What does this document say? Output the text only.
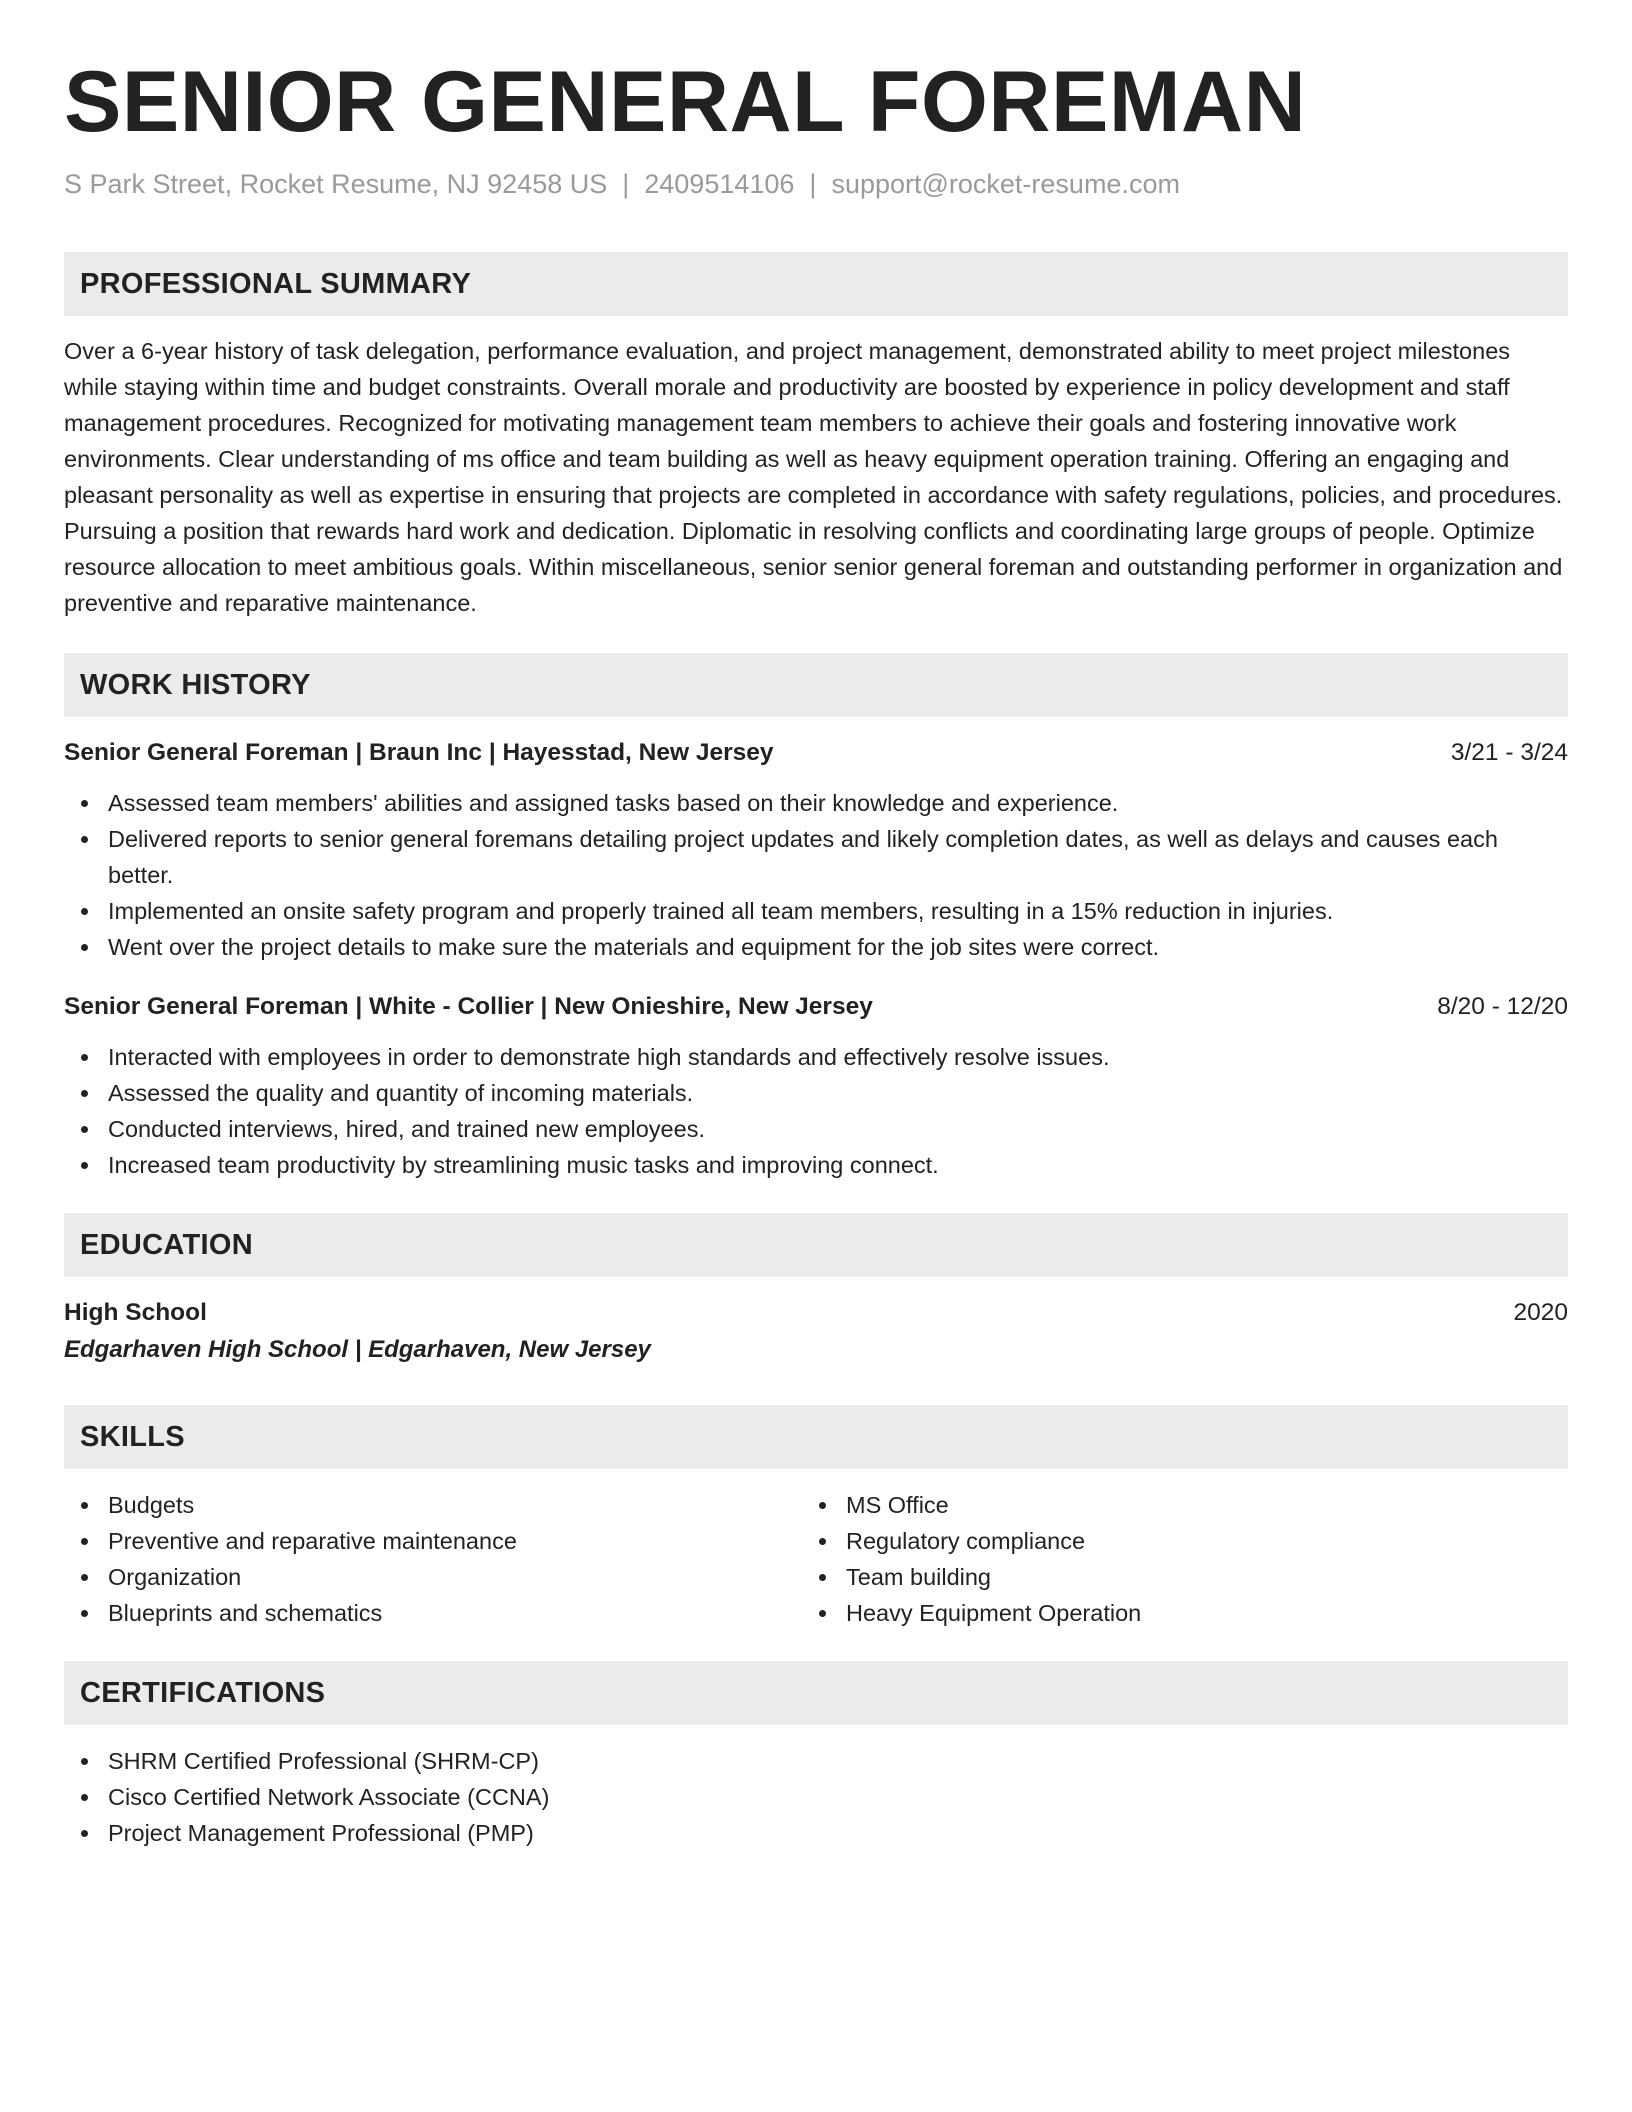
SENIOR GENERAL FOREMAN
S Park Street, Rocket Resume, NJ 92458 US | 2409514106 | support@rocket-resume.com
PROFESSIONAL SUMMARY
Over a 6-year history of task delegation, performance evaluation, and project management, demonstrated ability to meet project milestones while staying within time and budget constraints. Overall morale and productivity are boosted by experience in policy development and staff management procedures. Recognized for motivating management team members to achieve their goals and fostering innovative work environments. Clear understanding of ms office and team building as well as heavy equipment operation training. Offering an engaging and pleasant personality as well as expertise in ensuring that projects are completed in accordance with safety regulations, policies, and procedures. Pursuing a position that rewards hard work and dedication. Diplomatic in resolving conflicts and coordinating large groups of people. Optimize resource allocation to meet ambitious goals. Within miscellaneous, senior senior general foreman and outstanding performer in organization and preventive and reparative maintenance.
WORK HISTORY
Senior General Foreman | Braun Inc | Hayesstad, New Jersey	3/21 - 3/24
Assessed team members' abilities and assigned tasks based on their knowledge and experience.
Delivered reports to senior general foremans detailing project updates and likely completion dates, as well as delays and causes each better.
Implemented an onsite safety program and properly trained all team members, resulting in a 15% reduction in injuries.
Went over the project details to make sure the materials and equipment for the job sites were correct.
Senior General Foreman | White - Collier | New Onieshire, New Jersey	8/20 - 12/20
Interacted with employees in order to demonstrate high standards and effectively resolve issues.
Assessed the quality and quantity of incoming materials.
Conducted interviews, hired, and trained new employees.
Increased team productivity by streamlining music tasks and improving connect.
EDUCATION
High School	2020
Edgarhaven High School | Edgarhaven, New Jersey
SKILLS
Budgets
Preventive and reparative maintenance
Organization
Blueprints and schematics
MS Office
Regulatory compliance
Team building
Heavy Equipment Operation
CERTIFICATIONS
SHRM Certified Professional (SHRM-CP)
Cisco Certified Network Associate (CCNA)
Project Management Professional (PMP)
